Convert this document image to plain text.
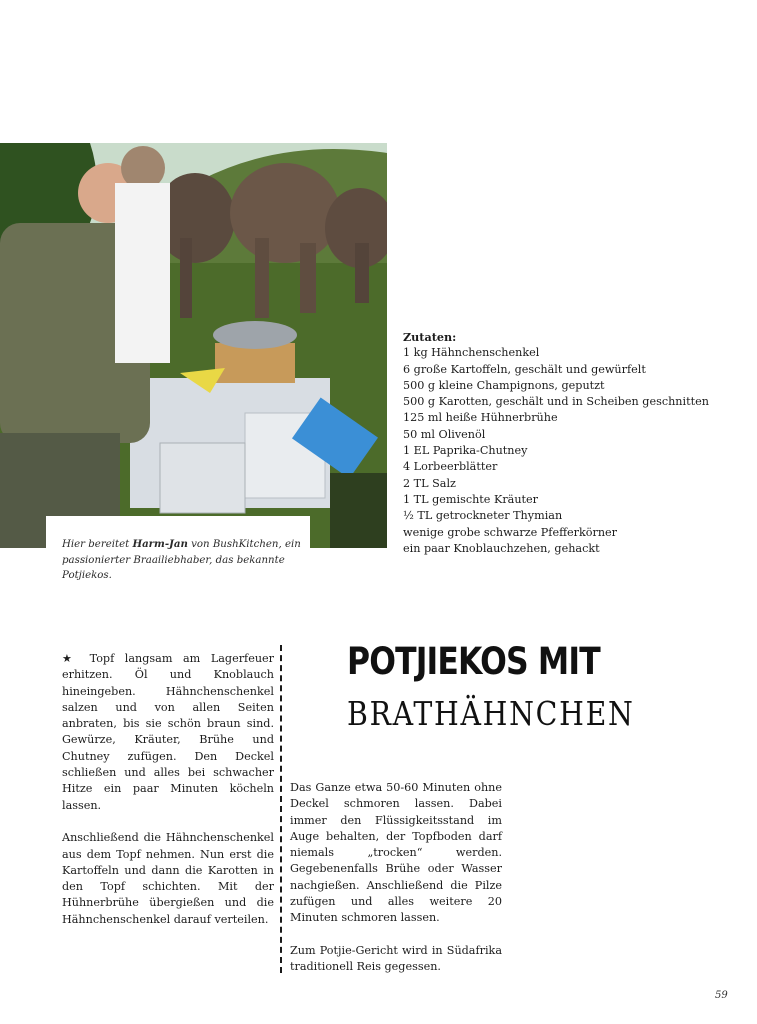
Hier bereitet Harm-Jan von BushKitchen, ein passionierter Braailiebhaber, das bekannte Potjiekos.
Zutaten:
1 kg Hähnchenschenkel
6 große Kartoffeln, geschält und gewürfelt
500 g kleine Champignons, geputzt
500 g Karotten, geschält und in Scheiben geschnitten
125 ml heiße Hühnerbrühe
50 ml Olivenöl
1 EL Paprika-Chutney
4 Lorbeerblätter
2 TL Salz
1 TL gemischte Kräuter
½ TL getrockneter Thymian
wenige grobe schwarze Pfefferkörner
ein paar Knoblauchzehen, gehackt
POTJIEKOS MIT
BRATHÄHNCHEN

★ Topf langsam am Lagerfeuer erhitzen. Öl und Knoblauch hineingeben. Hähnchenschenkel salzen und von allen Seiten anbraten, bis sie schön braun sind. Gewürze, Kräuter, Brühe und Chutney zufügen. Den Deckel schließen und alles bei schwacher Hitze ein paar Minuten köcheln lassen.

Anschließend die Hähnchenschenkel aus dem Topf nehmen. Nun erst die Kartoffeln und dann die Karotten in den Topf schichten. Mit der Hühnerbrühe übergießen und die Hähnchenschenkel darauf verteilen.

Das Ganze etwa 50-60 Minuten ohne Deckel schmoren lassen. Dabei immer den Flüssigkeitsstand im Auge behalten, der Topfboden darf niemals „trocken“ werden. Gegebenenfalls Brühe oder Wasser nachgießen. Anschließend die Pilze zufügen und alles weitere 20 Minuten schmoren lassen.

Zum Potjie-Gericht wird in Südafrika traditionell Reis gegessen.

59
